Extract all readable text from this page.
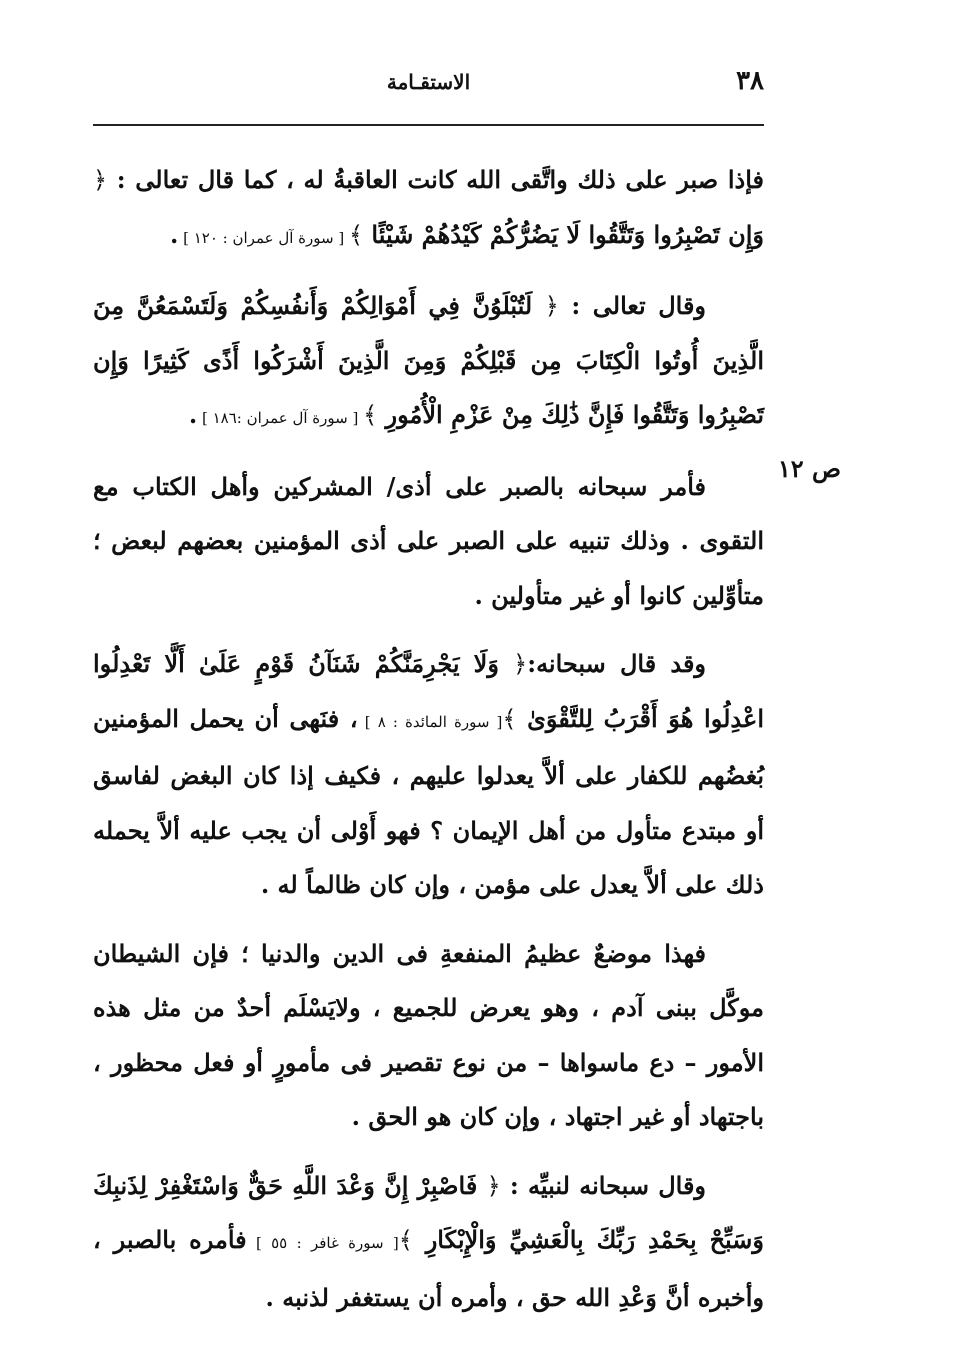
٣٨
الاستقـامة
ص ١٢

فإذا صبر على ذلك واتَّقى الله كانت العاقبةُ له ، كما قال تعالى : ﴿ وَإِن تَصْبِرُوا وَتَتَّقُوا لَا يَضُرُّكُمْ كَيْدُهُمْ شَيْئًا ﴾ [ سورة آل عمران : ١٢٠ ] .

وقال تعالى : ﴿ لَتُبْلَوُنَّ فِي أَمْوَالِكُمْ وَأَنفُسِكُمْ وَلَتَسْمَعُنَّ مِنَ الَّذِينَ أُوتُوا الْكِتَابَ مِن قَبْلِكُمْ وَمِنَ الَّذِينَ أَشْرَكُوا أَذًى كَثِيرًا وَإِن تَصْبِرُوا وَتَتَّقُوا فَإِنَّ ذَٰلِكَ مِنْ عَزْمِ الْأُمُورِ ﴾ [ سورة آل عمران :١٨٦ ] .

فأمر سبحانه بالصبر على أذى/ المشركين وأهل الكتاب مع التقوى . وذلك تنبيه على الصبر على أذى المؤمنين بعضهم لبعض ؛ متأوِّلين كانوا أو غير متأولين .

وقد قال سبحانه:﴿ وَلَا يَجْرِمَنَّكُمْ شَنَآنُ قَوْمٍ عَلَىٰ أَلَّا تَعْدِلُوا اعْدِلُوا هُوَ أَقْرَبُ لِلتَّقْوَىٰ ﴾[ سورة المائدة : ٨ ] ، فنَهى أن يحمل المؤمنين بُغضُهم للكفار على ألاَّ يعدلوا عليهم ، فكيف إذا كان البغض لفاسق أو مبتدع متأول من أهل الإيمان ؟ فهو أَوْلى أن يجب عليه ألاَّ يحمله ذلك على ألاَّ يعدل على مؤمن ، وإن كان ظالماً له .

فهذا موضعٌ عظيمُ المنفعةِ فى الدين والدنيا ؛ فإن الشيطان موكَّل ببنى آدم ، وهو يعرض للجميع ، ولايَسْلَم أحدٌ من مثل هذه الأمور – دع ماسواها – من نوع تقصير فى مأمورٍ أو فعل محظور ، باجتهاد أو غير اجتهاد ، وإن كان هو الحق .

وقال سبحانه لنبيِّه : ﴿ فَاصْبِرْ إِنَّ وَعْدَ اللَّهِ حَقٌّ وَاسْتَغْفِرْ لِذَنبِكَ وَسَبِّحْ بِحَمْدِ رَبِّكَ بِالْعَشِيِّ وَالْإِبْكَارِ ﴾[ سورة غافر : ٥٥ ] فأمره بالصبر ، وأخبره أنَّ وَعْدِ الله حق ، وأمره أن يستغفر لذنبه .
